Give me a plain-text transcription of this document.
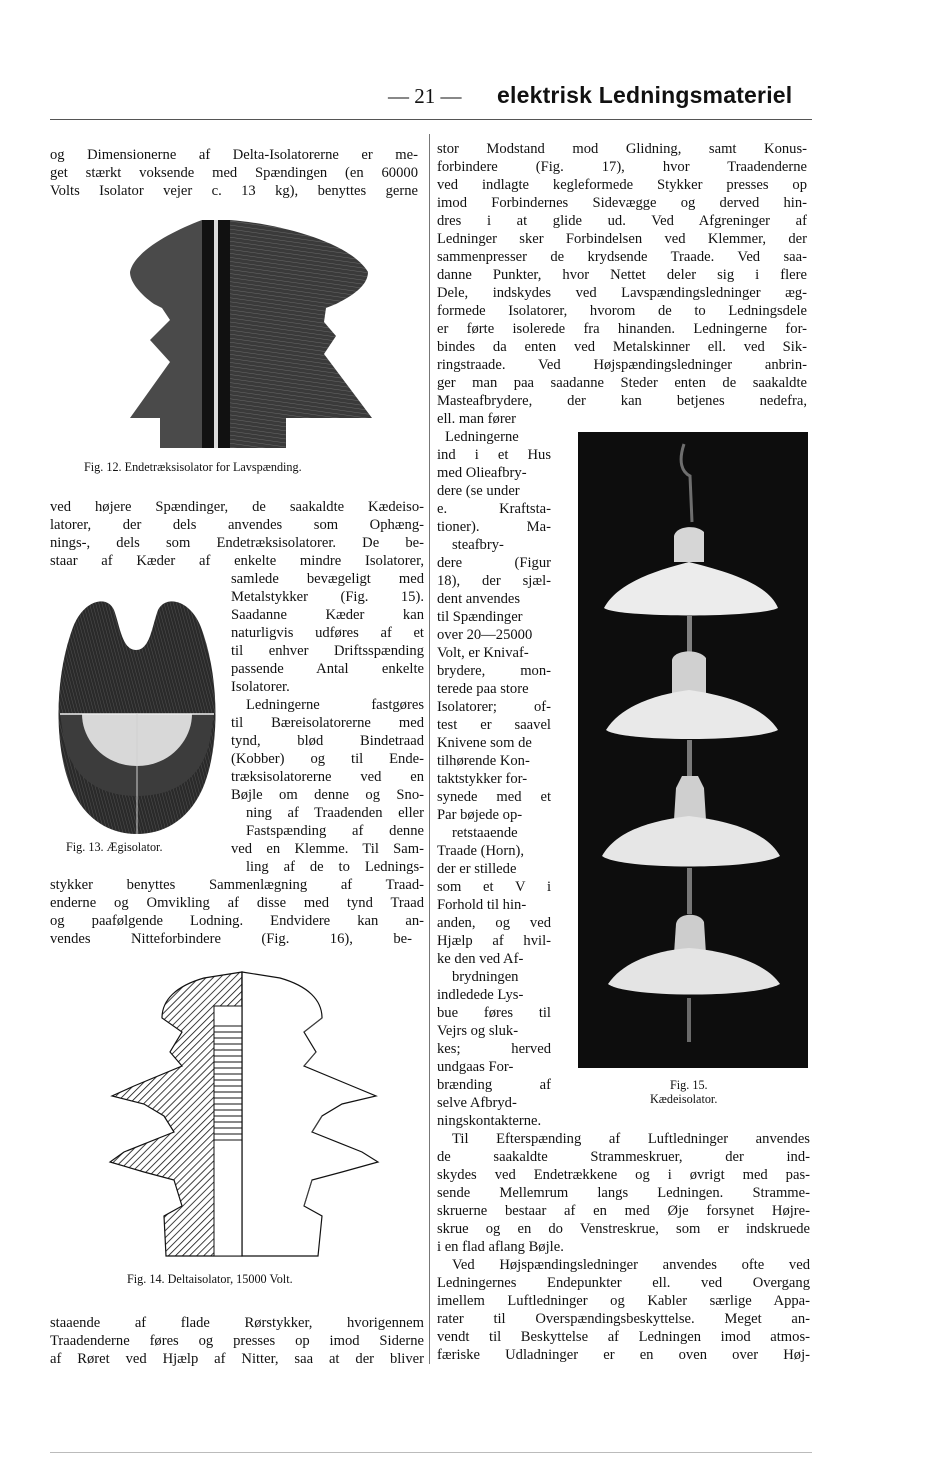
— 21 — elektrisk Ledningsmateriel
og Dimensionerne af Delta-Isolatorerne er me-
get stærkt voksende med Spændingen (en 60000
Volts Isolator vejer c. 13 kg), benyttes gerne
Fig. 12. Endetræksisolator for Lavspænding.
ved højere Spændinger, de saakaldte Kædeiso-
latorer, der dels anvendes som Ophæng-
nings-, dels som Endetræksisolatorer. De be-
staar af Kæder af enkelte mindre Isolatorer,
Fig. 13. Ægisolator.
samlede bevægeligt med
Metalstykker (Fig. 15).
Saadanne Kæder kan
naturligvis udføres af et
til enhver Driftsspænding
passende Antal enkelte
Isolatorer.
Ledningerne fastgøres
til Bæreisolatorerne med
tynd, blød Bindetraad
(Kobber) og til Ende-
træksisolatorerne ved en
Bøjle om denne og Sno-
ning af Traadenden eller
Fastspænding af denne
ved en Klemme. Til Sam-
ling af de to Lednings-
stykker benyttes Sammenlægning af Traad-
enderne og Omvikling af disse med tynd Traad
og paafølgende Lodning. Endvidere kan an-
vendes Nitteforbindere (Fig. 16), be-
Fig. 14. Deltaisolator, 15000 Volt.
staaende af flade Rørstykker, hvorigennem
Traadenderne føres og presses op imod Siderne
af Røret ved Hjælp af Nitter, saa at der bliver
stor Modstand mod Glidning, samt Konus-
forbindere (Fig. 17), hvor Traadenderne
ved indlagte kegleformede Stykker presses op
imod Forbindernes Sidevægge og derved hin-
dres i at glide ud. Ved Afgreninger af
Ledninger sker Forbindelsen ved Klemmer, der
sammenpresser de krydsende Traade. Ved saa-
danne Punkter, hvor Nettet deler sig i flere
Dele, indskydes ved Lavspændingsledninger æg-
formede Isolatorer, hvorom de to Ledningsdele
er førte isolerede fra hinanden. Ledningerne for-
bindes da enten ved Metalskinner ell. ved Sik-
ringstraade. Ved Højspændingsledninger anbrin-
ger man paa saadanne Steder enten de saakaldte
Masteafbrydere, der kan betjenes nedefra,
ell. man fører
Ledningerne
ind i et Hus
med Olieafbry-
dere (se under
e. Kraftsta-
tioner). Ma-
steafbry-
dere (Figur
18), der sjæl-
dent anvendes
til Spændinger
over 20—25000
Volt, er Knivaf-
brydere, mon-
terede paa store
Isolatorer; of-
test er saavel
Knivene som de
tilhørende Kon-
taktstykker for-
synede med et
Par bøjede op-
retstaaende
Traade (Horn),
der er stillede
som et V i
Forhold til hin-
anden, og ved
Hjælp af hvil-
ke den ved Af-
brydningen
indledede Lys-
bue føres til
Vejrs og sluk-
kes; herved
undgaas For-
brænding af
selve Afbryd-
ningskontakterne.
Fig. 15.
Kædeisolator.
Til Efterspænding af Luftledninger anvendes
de saakaldte Strammeskruer, der ind-
skydes ved Endetrækkene og i øvrigt med pas-
sende Mellemrum langs Ledningen. Stramme-
skruerne bestaar af en med Øje forsynet Højre-
skrue og en do Venstreskrue, som er indskruede
i en flad aflang Bøjle.
Ved Højspændingsledninger anvendes ofte ved
Ledningernes Endepunkter ell. ved Overgang
imellem Luftledninger og Kabler særlige Appa-
rater til Overspændingsbeskyttelse. Meget an-
vendt til Beskyttelse af Ledningen imod atmos-
færiske Udladninger er en oven over Høj-
